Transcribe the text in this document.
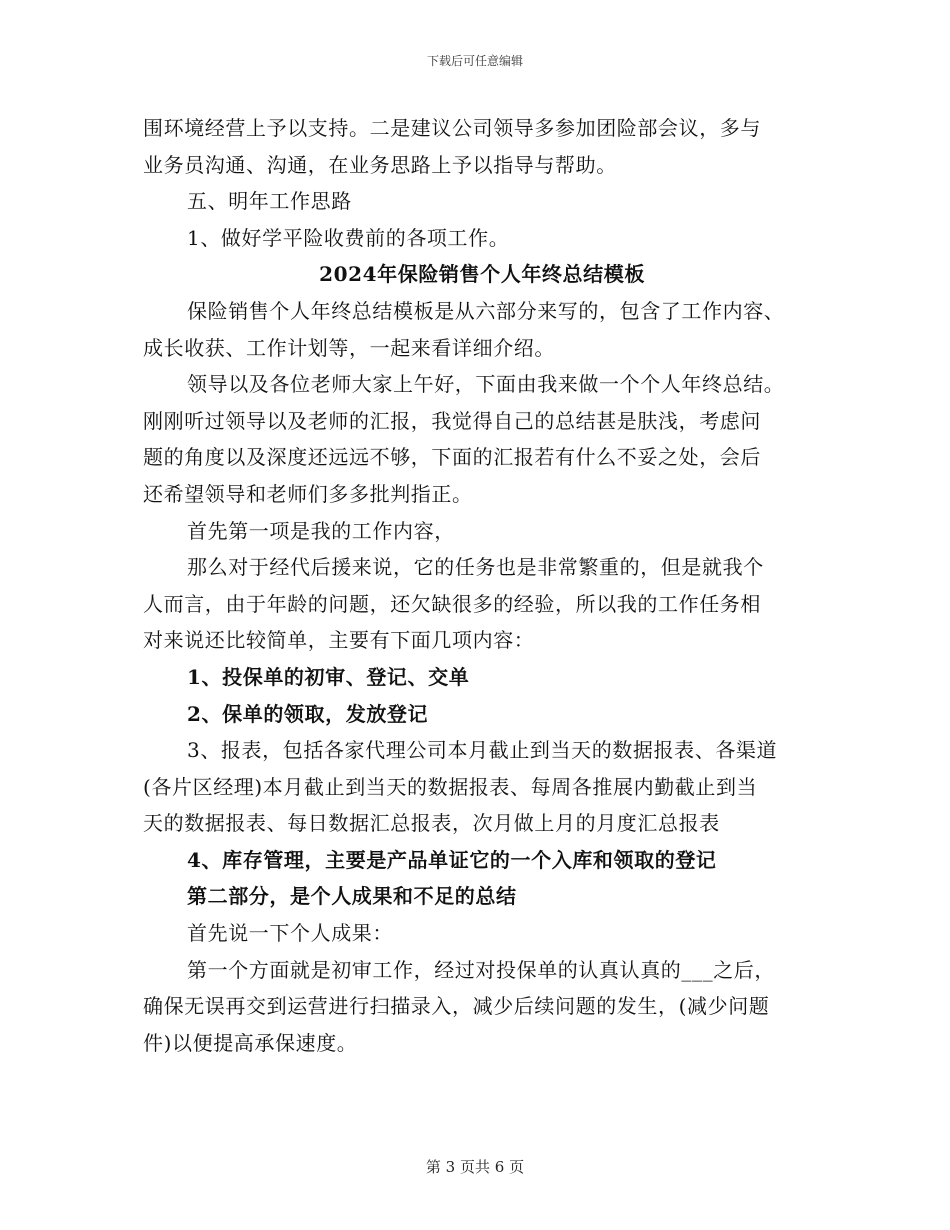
下载后可任意编辑
围环境经营上予以支持。二是建议公司领导多参加团险部会议，多与
业务员沟通、沟通，在业务思路上予以指导与帮助。
五、明年工作思路
1、做好学平险收费前的各项工作。
2024年保险销售个人年终总结模板
保险销售个人年终总结模板是从六部分来写的，包含了工作内容、
成长收获、工作计划等，一起来看详细介绍。
领导以及各位老师大家上午好，下面由我来做一个个人年终总结。
刚刚听过领导以及老师的汇报，我觉得自己的总结甚是肤浅，考虑问
题的角度以及深度还远远不够，下面的汇报若有什么不妥之处，会后
还希望领导和老师们多多批判指正。
首先第一项是我的工作内容，
那么对于经代后援来说，它的任务也是非常繁重的，但是就我个
人而言，由于年龄的问题，还欠缺很多的经验，所以我的工作任务相
对来说还比较简单，主要有下面几项内容：
1、投保单的初审、登记、交单
2、保单的领取，发放登记
3、报表，包括各家代理公司本月截止到当天的数据报表、各渠道
(各片区经理)本月截止到当天的数据报表、每周各推展内勤截止到当
天的数据报表、每日数据汇总报表，次月做上月的月度汇总报表
4、库存管理，主要是产品单证它的一个入库和领取的登记
第二部分，是个人成果和不足的总结
首先说一下个人成果：
第一个方面就是初审工作，经过对投保单的认真认真的___之后，
确保无误再交到运营进行扫描录入，减少后续问题的发生，(减少问题
件)以便提高承保速度。
第 3 页共 6 页
